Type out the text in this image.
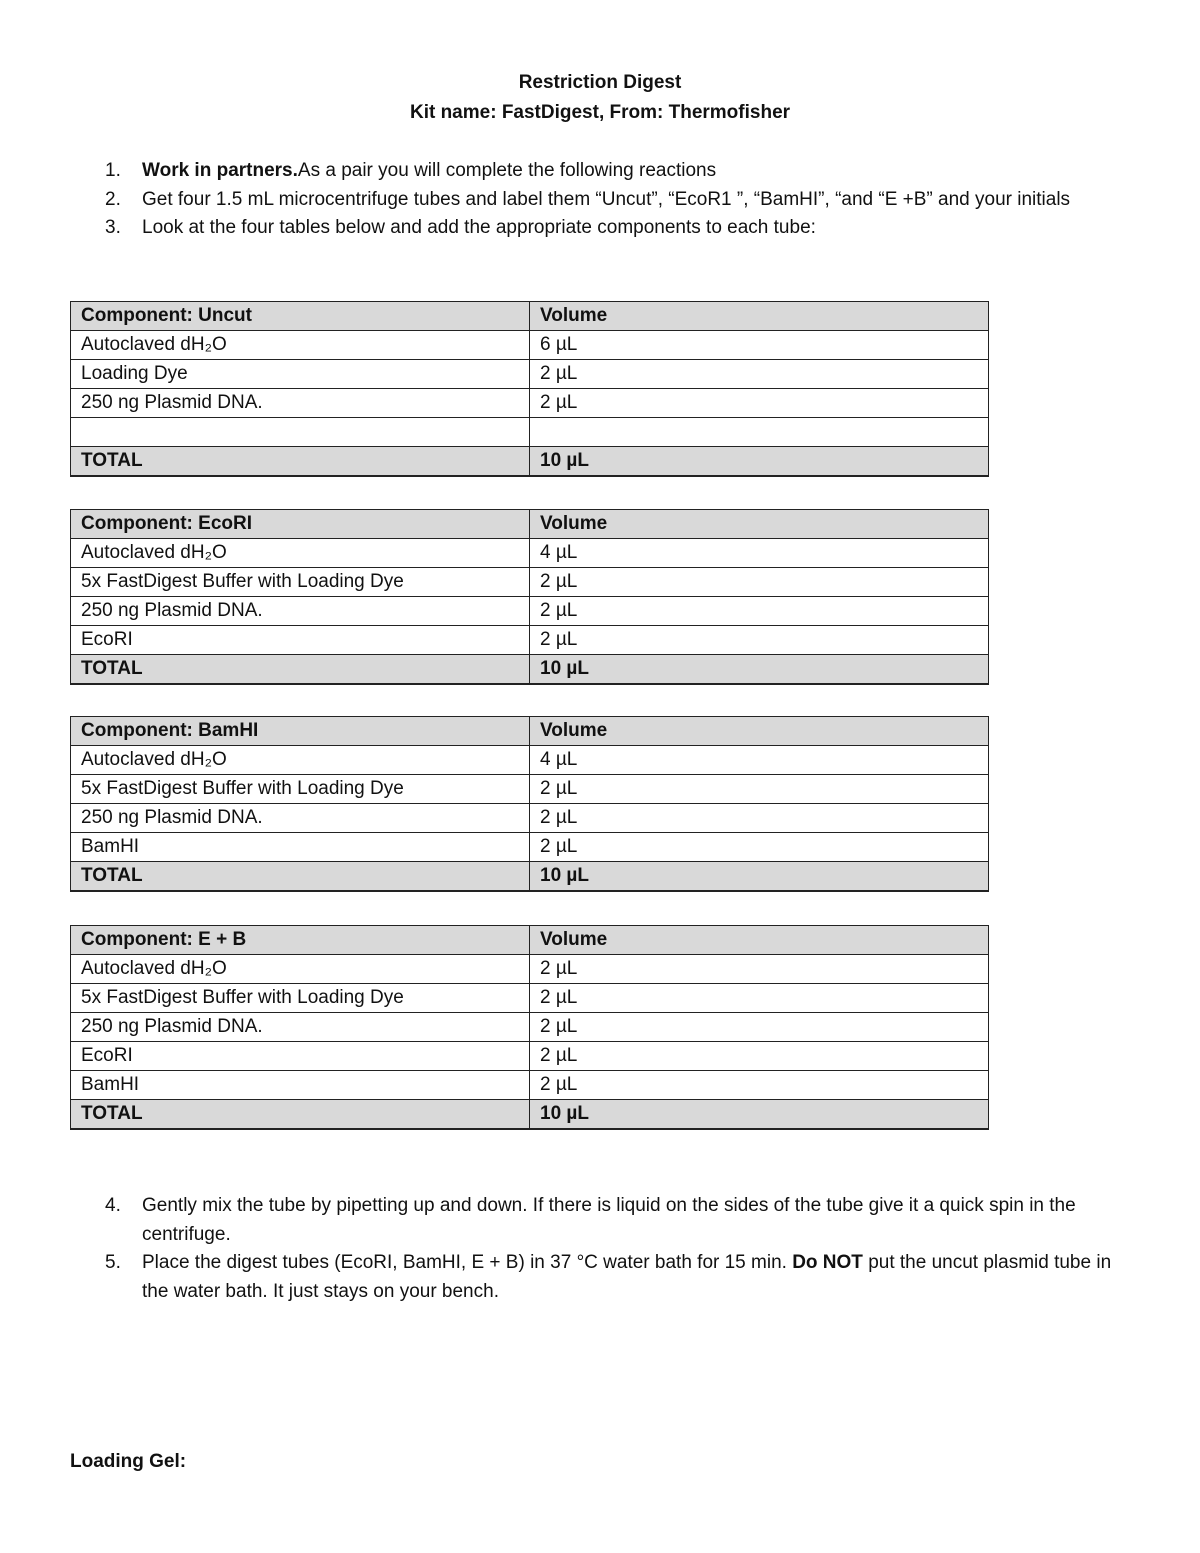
Restriction Digest
Kit name: FastDigest, From: Thermofisher
1. Work in partners.As a pair you will complete the following reactions
2. Get four 1.5 mL microcentrifuge tubes and label them “Uncut”, “EcoR1 ”, “BamHI”, “and “E +B” and your initials
3. Look at the four tables below and add the appropriate components to each tube:
Component: Uncut	Volume
Autoclaved dH₂O	6 µL
Loading Dye	2 µL
250 ng Plasmid DNA.	2 µL

TOTAL	10 µL
Component: EcoRI	Volume
Autoclaved dH₂O	4 µL
5x FastDigest Buffer with Loading Dye	2 µL
250 ng Plasmid DNA.	2 µL
EcoRI	2 µL
TOTAL	10 µL
Component: BamHI	Volume
Autoclaved dH₂O	4 µL
5x FastDigest Buffer with Loading Dye	2 µL
250 ng Plasmid DNA.	2 µL
BamHI	2 µL
TOTAL	10 µL
Component: E + B	Volume
Autoclaved dH₂O	2 µL
5x FastDigest Buffer with Loading Dye	2 µL
250 ng Plasmid DNA.	2 µL
EcoRI	2 µL
BamHI	2 µL
TOTAL	10 µL
4. Gently mix the tube by pipetting up and down. If there is liquid on the sides of the tube give it a quick spin in the centrifuge.
5. Place the digest tubes (EcoRI, BamHI, E + B) in 37 °C water bath for 15 min. Do NOT put the uncut plasmid tube in the water bath. It just stays on your bench.
Loading Gel:
